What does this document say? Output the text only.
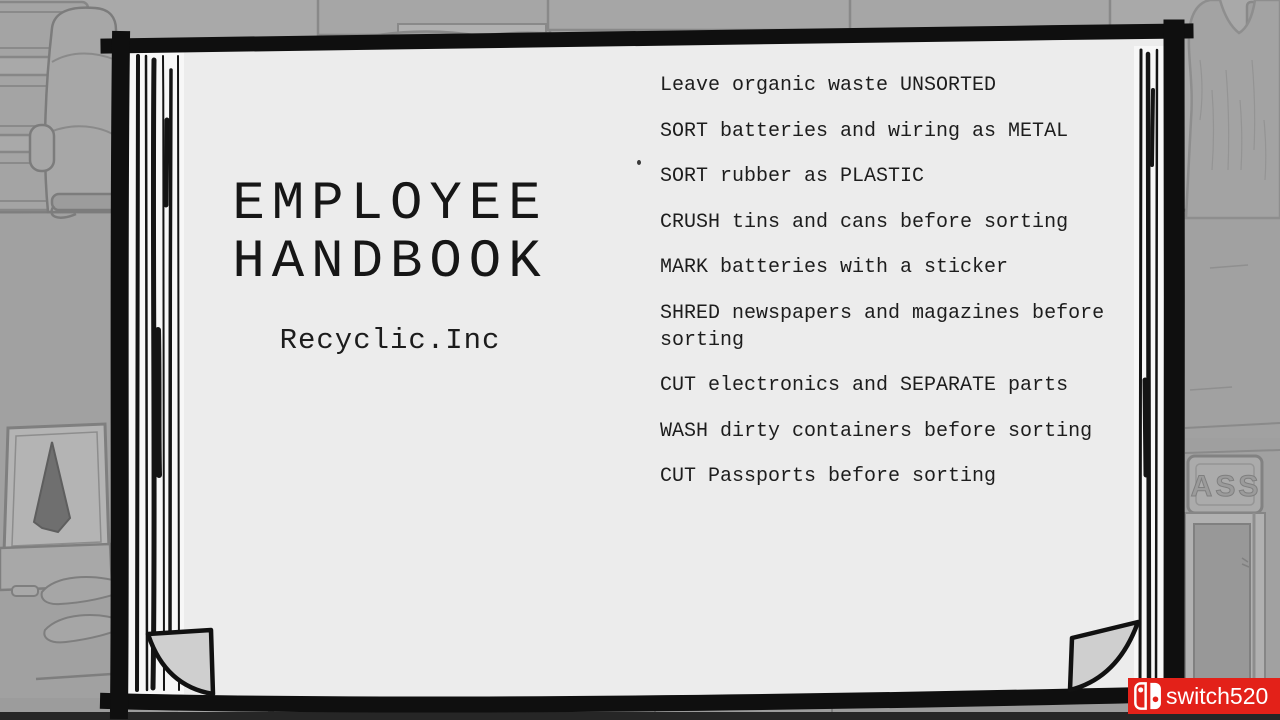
ASS
EMPLOYEE
HANDBOOK
Recyclic.Inc

Leave organic waste UNSORTED

SORT batteries and wiring as METAL

SORT rubber as PLASTIC

CRUSH tins and cans before sorting

MARK batteries with a sticker

SHRED newspapers and magazines before sorting

CUT electronics and SEPARATE parts

WASH dirty containers before sorting

CUT Passports before sorting

switch520
